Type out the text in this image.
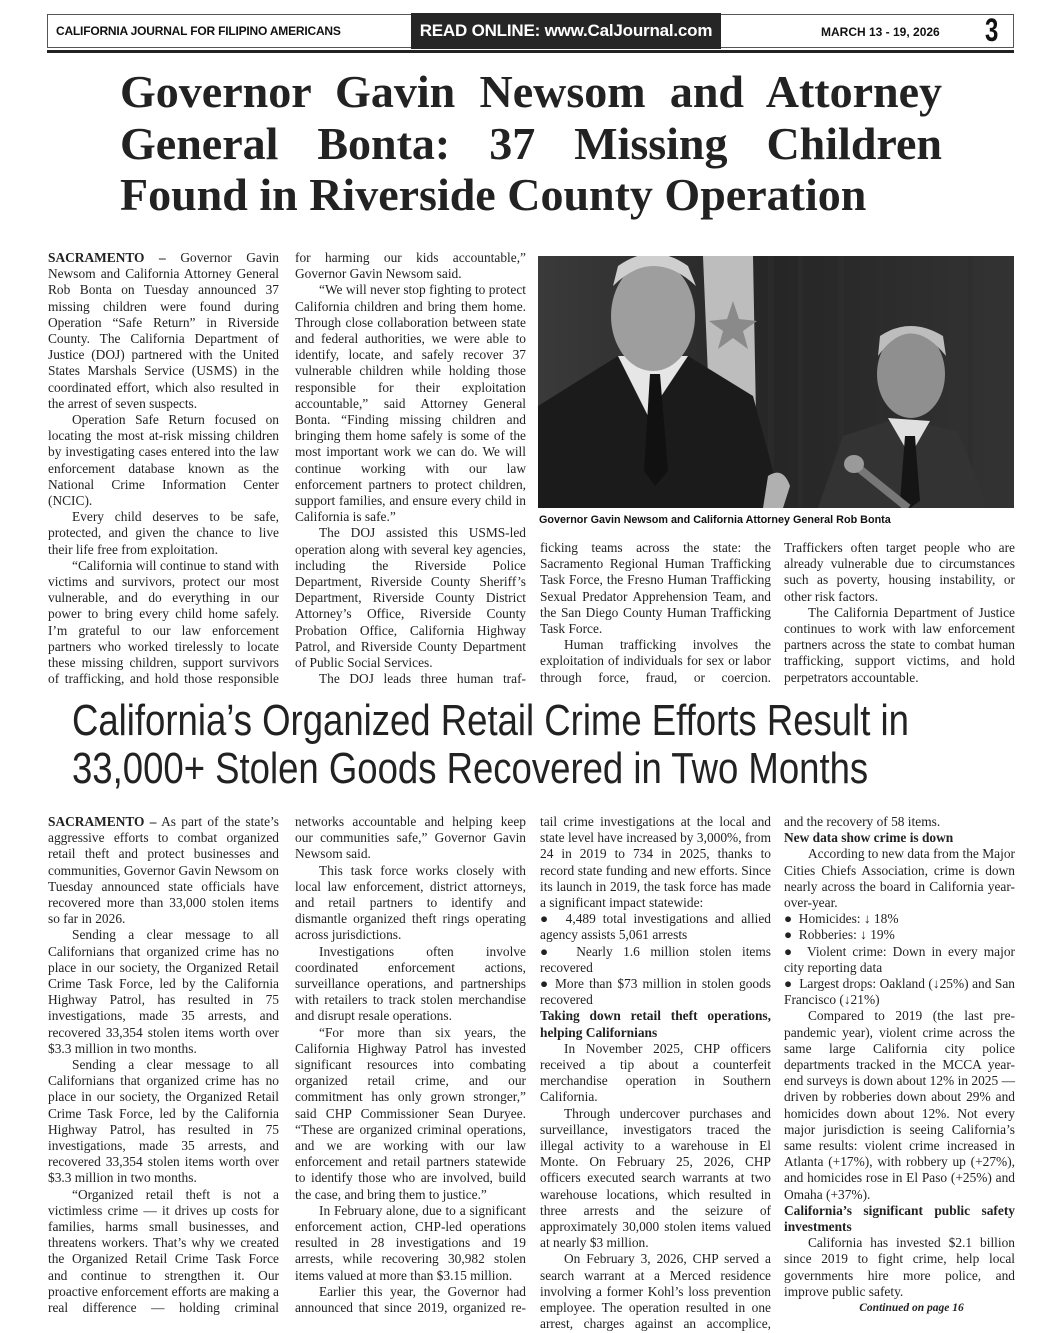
CALIFORNIA JOURNAL FOR FILIPINO AMERICANS	READ ONLINE: www.CalJournal.com	MARCH 13 - 19, 2026 3
Governor Gavin Newsom and Attorney General Bonta: 37 Missing Children Found in Riverside County Operation

SACRAMENTO – Governor Gavin Newsom and California Attorney General Rob Bonta on Tuesday announced 37 missing children were found during Operation “Safe Return” in Riverside County. The California Department of Justice (DOJ) partnered with the United States Marshals Service (USMS) in the coordinated effort, which also resulted in the arrest of seven suspects.

Operation Safe Return focused on locating the most at-risk missing children by investigating cases entered into the law enforcement database known as the National Crime Information Center (NCIC).

Every child deserves to be safe, protected, and given the chance to live their life free from exploitation.

“California will continue to stand with victims and survivors, protect our most vulnerable, and do everything in our power to bring every child home safely. I’m grateful to our law enforcement partners who worked tirelessly to locate these missing children, support survivors of trafficking, and hold those responsible

for harming our kids accountable,” Governor Gavin Newsom said.

“We will never stop fighting to protect California children and bring them home. Through close collaboration between state and federal authorities, we were able to identify, locate, and safely recover 37 vulnerable children while holding those responsible for their exploitation accountable,” said Attorney General Bonta. “Finding missing children and bringing them home safely is some of the most important work we can do. We will continue working with our law enforcement partners to protect children, support families, and ensure every child in California is safe.”

The DOJ assisted this USMS-led operation along with several key agencies, including the Riverside Police Department, Riverside County Sheriff’s Department, Riverside County District Attorney’s Office, Riverside County Probation Office, California Highway Patrol, and Riverside County Department of Public Social Services.

The DOJ leads three human traf-

Governor Gavin Newsom and California Attorney General Rob Bonta

ficking teams across the state: the Sacramento Regional Human Trafficking Task Force, the Fresno Human Trafficking Sexual Predator Apprehension Team, and the San Diego County Human Trafficking Task Force.

Human trafficking involves the exploitation of individuals for sex or labor through force, fraud, or coercion.

Traffickers often target people who are already vulnerable due to circumstances such as poverty, housing instability, or other risk factors.

The California Department of Justice continues to work with law enforcement partners across the state to combat human trafficking, support victims, and hold perpetrators accountable.

California’s Organized Retail Crime Efforts Result in
33,000+ Stolen Goods Recovered in Two Months

SACRAMENTO – As part of the state’s aggressive efforts to combat organized retail theft and protect businesses and communities, Governor Gavin Newsom on Tuesday announced state officials have recovered more than 33,000 stolen items so far in 2026.

Sending a clear message to all Californians that organized crime has no place in our society, the Organized Retail Crime Task Force, led by the California Highway Patrol, has resulted in 75 investigations, made 35 arrests, and recovered 33,354 stolen items worth over $3.3 million in two months.

Sending a clear message to all Californians that organized crime has no place in our society, the Organized Retail Crime Task Force, led by the California Highway Patrol, has resulted in 75 investigations, made 35 arrests, and recovered 33,354 stolen items worth over $3.3 million in two months.

“Organized retail theft is not a victimless crime — it drives up costs for families, harms small businesses, and threatens workers. That’s why we created the Organized Retail Crime Task Force and continue to strengthen it. Our proactive enforcement efforts are making a real difference — holding criminal

networks accountable and helping keep our communities safe,” Governor Gavin Newsom said.

This task force works closely with local law enforcement, district attorneys, and retail partners to identify and dismantle organized theft rings operating across jurisdictions.

Investigations often involve coordinated enforcement actions, surveillance operations, and partnerships with retailers to track stolen merchandise and disrupt resale operations.

“For more than six years, the California Highway Patrol has invested significant resources into combating organized retail crime, and our commitment has only grown stronger,” said CHP Commissioner Sean Duryee. “These are organized criminal operations, and we are working with our law enforcement and retail partners statewide to identify those who are involved, build the case, and bring them to justice.”

In February alone, due to a significant enforcement action, CHP-led operations resulted in 28 investigations and 19 arrests, while recovering 30,982 stolen items valued at more than $3.15 million.

Earlier this year, the Governor had announced that since 2019, organized re-

tail crime investigations at the local and state level have increased by 3,000%, from 24 in 2019 to 734 in 2025, thanks to record state funding and new efforts. Since its launch in 2019, the task force has made a significant impact statewide:

●  4,489 total investigations and allied agency assists 5,061 arrests

●  Nearly 1.6 million stolen items recovered

● More than $73 million in stolen goods recovered

Taking down retail theft operations, helping Californians

In November 2025, CHP officers received a tip about a counterfeit merchandise operation in Southern California.

Through undercover purchases and surveillance, investigators traced the illegal activity to a warehouse in El Monte. On February 25, 2026, CHP officers executed search warrants at two warehouse locations, which resulted in three arrests and the seizure of approximately 30,000 stolen items valued at nearly $3 million.

On February 3, 2026, CHP served a search warrant at a Merced residence involving a former Kohl’s loss prevention employee. The operation resulted in one arrest, charges against an accomplice,

and the recovery of 58 items.

New data show crime is down

According to new data from the Major Cities Chiefs Association, crime is down nearly across the board in California year-over-year.

●  Homicides: ↓ 18%

●  Robberies: ↓ 19%

●  Violent crime: Down in every major city reporting data

●  Largest drops: Oakland (↓25%) and San Francisco (↓21%)

Compared to 2019 (the last pre-pandemic year), violent crime across the same large California city police departments tracked in the MCCA year-end surveys is down about 12% in 2025 — driven by robberies down about 29% and homicides down about 12%. Not every major jurisdiction is seeing California’s same results: violent crime increased in Atlanta (+17%), with robbery up (+27%), and homicides rose in El Paso (+25%) and Omaha (+37%).

California’s significant public safety investments

California has invested $2.1 billion since 2019 to fight crime, help local governments hire more police, and improve public safety.

Continued on page 16
